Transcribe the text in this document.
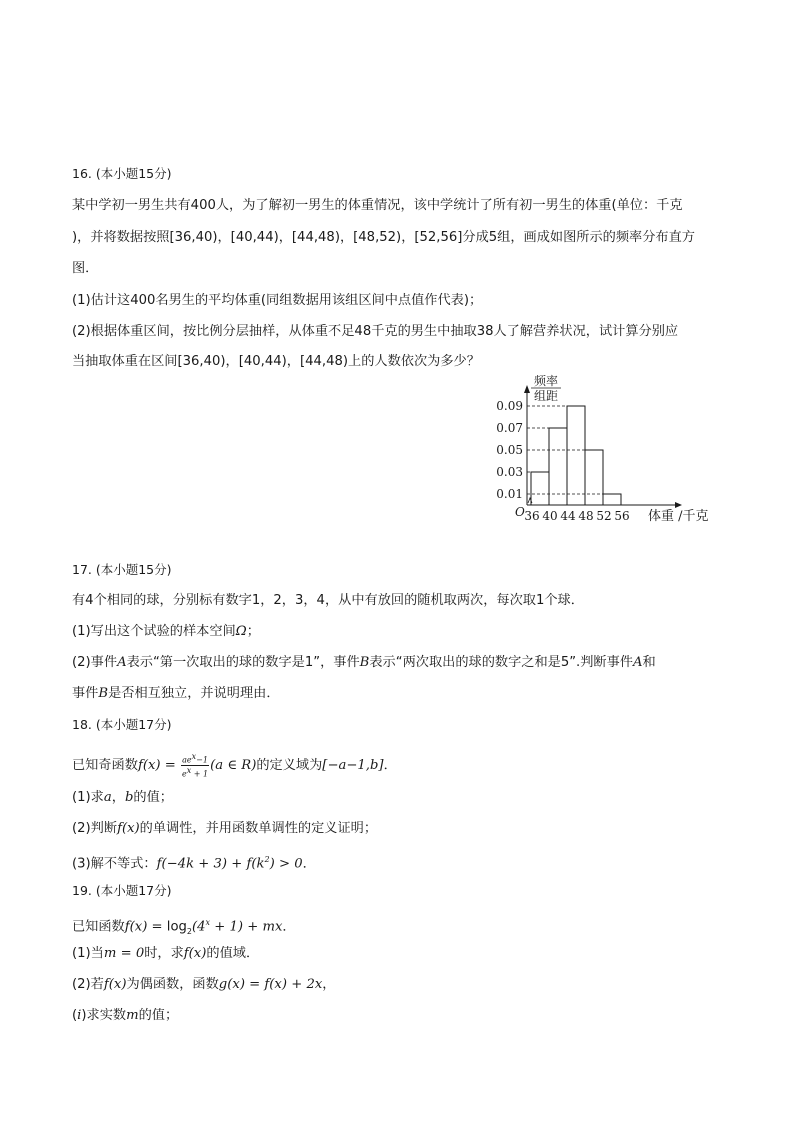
16. (本小题15分)
某中学初一男生共有400人，为了解初一男生的体重情况，该中学统计了所有初一男生的体重(单位：千克
)，并将数据按照[36,40)，[40,44)，[44,48)，[48,52)，[52,56]分成5组，画成如图所示的频率分布直方
图．
(1)估计这400名男生的平均体重(同组数据用该组区间中点值作代表)；
(2)根据体重区间，按比例分层抽样，从体重不足48千克的男生中抽取38人了解营养状况，试计算分别应
当抽取体重在区间[36,40)，[40,44)，[44,48)上的人数依次为多少？
0.09
0.07
0.05
0.03
0.01
36 40 44 48 52 56
O
频率
组距
体重 /千克
17. (本小题15分)
有4个相同的球，分别标有数字1，2，3，4，从中有放回的随机取两次，每次取1个球．
(1)写出这个试验的样本空间Ω；
(2)事件A表示“第一次取出的球的数字是1”，事件B表示“两次取出的球的数字之和是5”.判断事件A和
事件B是否相互独立，并说明理由．
18. (本小题17分)
已知奇函数$f(x) = \frac{ae^x-1}{e^x + 1} (a$ ∈ R)的定义域为[−a−1,b]．
(1)求a，b的值；
(2)判断f(x)的单调性，并用函数单调性的定义证明；
(3)解不等式：$f(-4k + 3) + f(k^2) > 0$．
19. (本小题17分)
已知函数$f(x) = \log_2(4^x + 1)$ + mx．
(1)当m = 0时，求f(x)的值域．
(2)若f(x)为偶函数，函数g(x) = f(x) + 2x，
(i)求实数m的值；
